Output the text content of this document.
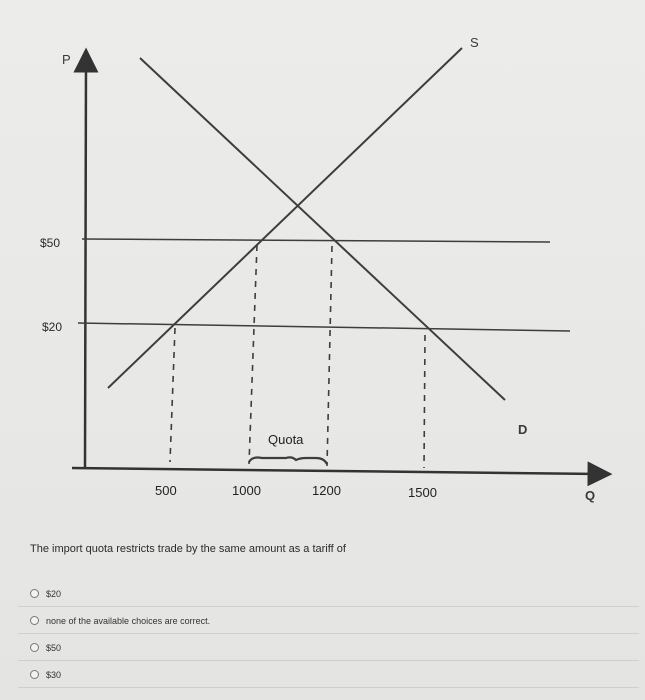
P
Q
$50
$20
S
D
Quota
500	1000	1200	1500
The import quota restricts trade by the same amount as a tariff of
$20
none of the available choices are correct.
$50
$30
